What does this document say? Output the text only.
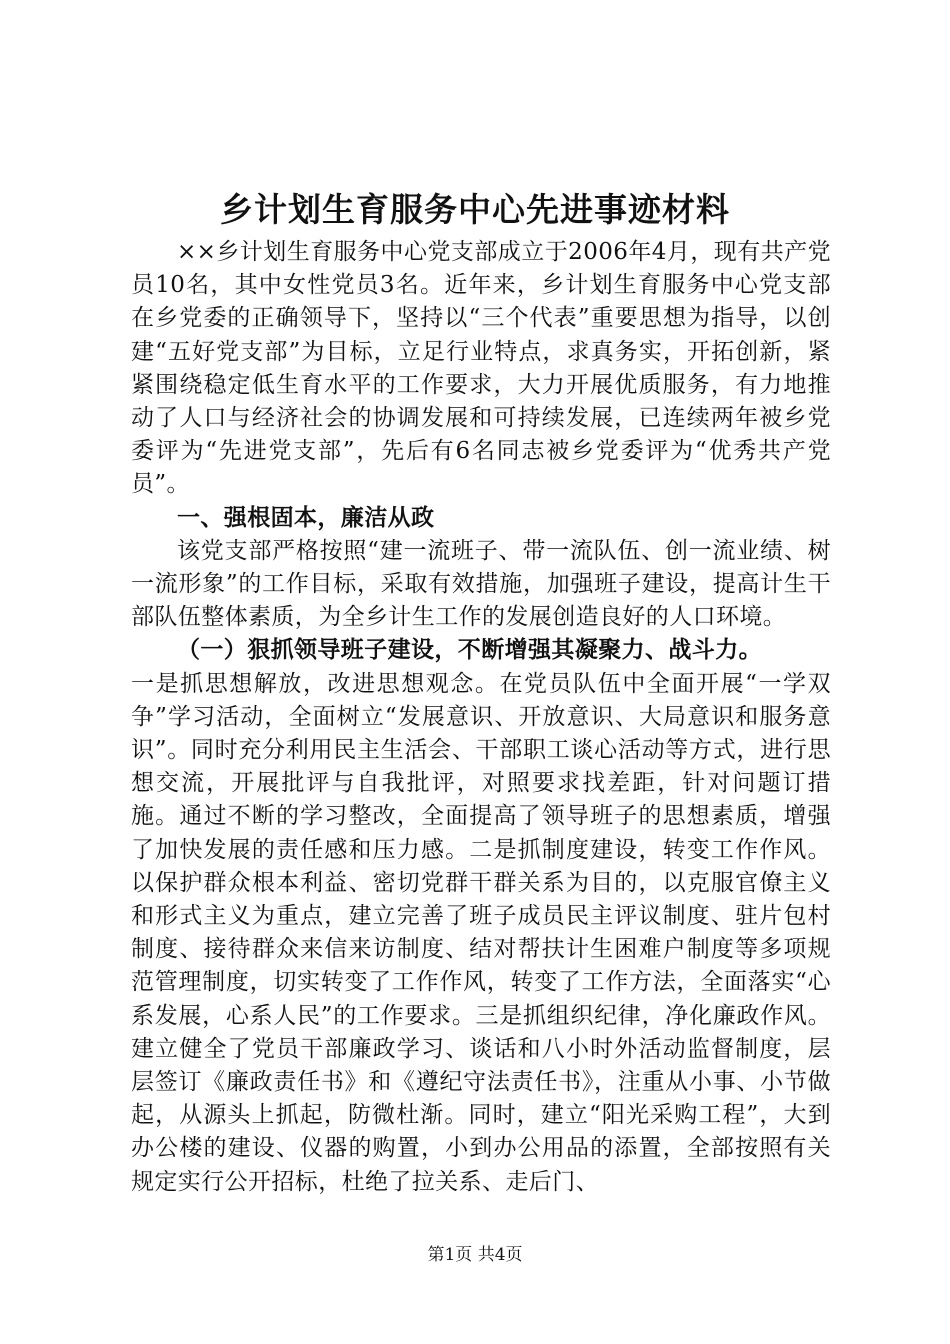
乡计划生育服务中心先进事迹材料

××乡计划生育服务中心党支部成立于2006年4月，现有共产党员10名，其中女性党员3名。近年来，乡计划生育服务中心党支部在乡党委的正确领导下，坚持以“三个代表”重要思想为指导，以创建“五好党支部”为目标，立足行业特点，求真务实，开拓创新，紧紧围绕稳定低生育水平的工作要求，大力开展优质服务，有力地推动了人口与经济社会的协调发展和可持续发展，已连续两年被乡党委评为“先进党支部”，先后有6名同志被乡党委评为“优秀共产党员”。

一、强根固本，廉洁从政

该党支部严格按照“建一流班子、带一流队伍、创一流业绩、树一流形象”的工作目标，采取有效措施，加强班子建设，提高计生干部队伍整体素质，为全乡计生工作的发展创造良好的人口环境。

（一）狠抓领导班子建设，不断增强其凝聚力、战斗力。

一是抓思想解放，改进思想观念。在党员队伍中全面开展“一学双争”学习活动，全面树立“发展意识、开放意识、大局意识和服务意识”。同时充分利用民主生活会、干部职工谈心活动等方式，进行思想交流，开展批评与自我批评，对照要求找差距，针对问题订措施。通过不断的学习整改，全面提高了领导班子的思想素质，增强了加快发展的责任感和压力感。二是抓制度建设，转变工作作风。以保护群众根本利益、密切党群干群关系为目的，以克服官僚主义和形式主义为重点，建立完善了班子成员民主评议制度、驻片包村制度、接待群众来信来访制度、结对帮扶计生困难户制度等多项规范管理制度，切实转变了工作作风，转变了工作方法，全面落实“心系发展，心系人民”的工作要求。三是抓组织纪律，净化廉政作风。建立健全了党员干部廉政学习、谈话和八小时外活动监督制度，层层签订《廉政责任书》和《遵纪守法责任书》，注重从小事、小节做起，从源头上抓起，防微杜渐。同时，建立“阳光采购工程”，大到办公楼的建设、仪器的购置，小到办公用品的添置，全部按照有关规定实行公开招标，杜绝了拉关系、走后门、

第1页 共4页
